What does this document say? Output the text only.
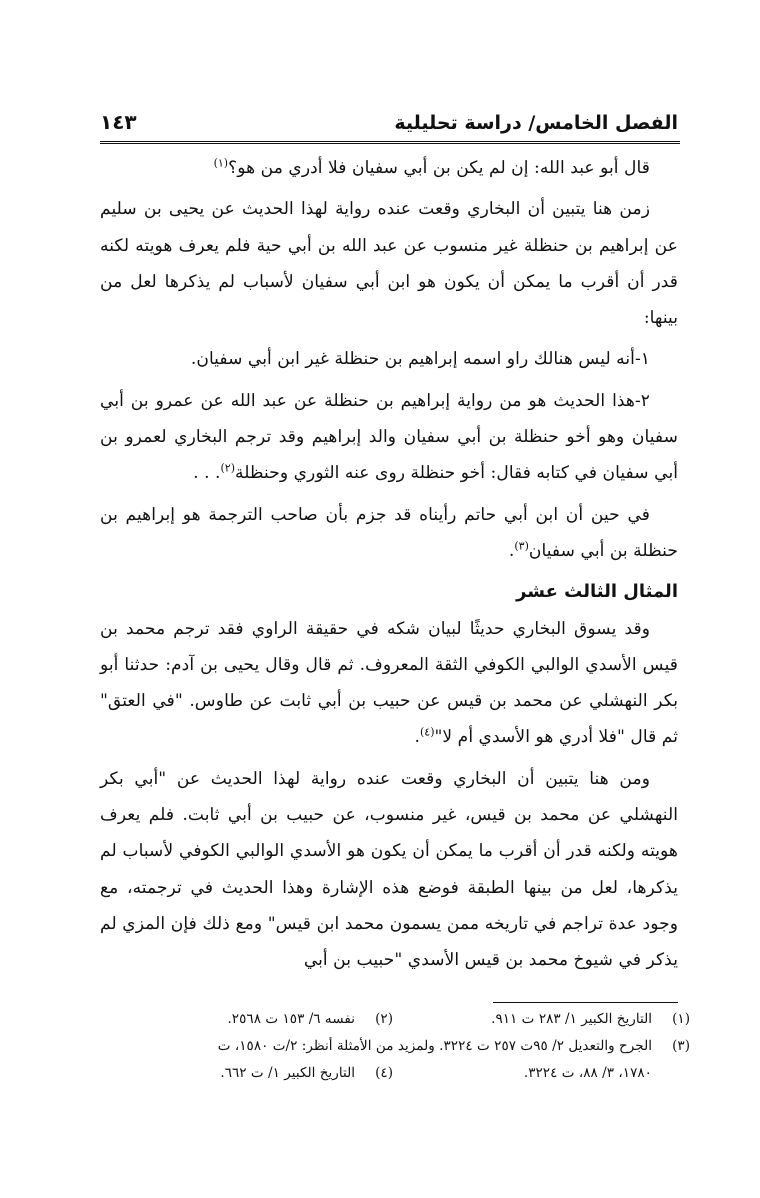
الفصل الخامس/ دراسة تحليلية
١٤٣

قال أبو عبد الله: إن لم يكن بن أبي سفيان فلا أدري من هو؟$^{(١)}$

زمن هنا يتبين أن البخاري وقعت عنده رواية لهذا الحديث عن يحيى بن سليم عن إبراهيم بن حنظلة غير منسوب عن عبد الله بن أبي حية فلم يعرف هويته لكنه قدر أن أقرب ما يمكن أن يكون هو ابن أبي سفيان لأسباب لم يذكرها لعل من بينها:

١-أنه ليس هنالك راو اسمه إبراهيم بن حنظلة غير ابن أبي سفيان.

٢-هذا الحديث هو من رواية إبراهيم بن حنظلة عن عبد الله عن عمرو بن أبي سفيان وهو أخو حنظلة بن أبي سفيان والد إبراهيم وقد ترجم البخاري لعمرو بن أبي سفيان في كتابه فقال: أخو حنظلة روى عنه الثوري وحنظلة$^{(٢)}$. . .

في حين أن ابن أبي حاتم رأيناه قد جزم بأن صاحب الترجمة هو إبراهيم بن حنظلة بن أبي سفيان$^{(٣)}$.

المثال الثالث عشر

وقد يسوق البخاري حديثًا لبيان شكه في حقيقة الراوي فقد ترجم محمد بن قيس الأسدي الوالبي الكوفي الثقة المعروف. ثم قال وقال يحيى بن آدم: حدثنا أبو بكر النهشلي عن محمد بن قيس عن حبيب بن أبي ثابت عن طاوس. "في العتق" ثم قال "فلا أدري هو الأسدي أم لا"$^{(٤)}$.

ومن هنا يتبين أن البخاري وقعت عنده رواية لهذا الحديث عن "أبي بكر النهشلي عن محمد بن قيس، غير منسوب، عن حبيب بن أبي ثابت. فلم يعرف هويته ولكنه قدر أن أقرب ما يمكن أن يكون هو الأسدي الوالبي الكوفي لأسباب لم يذكرها، لعل من بينها الطبقة فوضع هذه الإشارة وهذا الحديث في ترجمته، مع وجود عدة تراجم في تاريخه ممن يسمون محمد ابن قيس" ومع ذلك فإن المزي لم يذكر في شيوخ محمد بن قيس الأسدي "حبيب بن أبي

(١)
التاريخ الكبير ١/ ٢٨٣ ت ٩١١.
(٢)
نفسه ٦/ ١٥٣ ت ٢٥٦٨.
(٣)
الجرح والتعديل ٢/ ٩٥ت ٢٥٧ ت ٣٢٢٤. ولمزيد من الأمثلة أنظر: ٢/ت ١٥٨٠، ت
١٧٨٠، ٣/ ٨٨، ت ٣٢٢٤.
(٤)
التاريخ الكبير ١/ ت ٦٦٢.
